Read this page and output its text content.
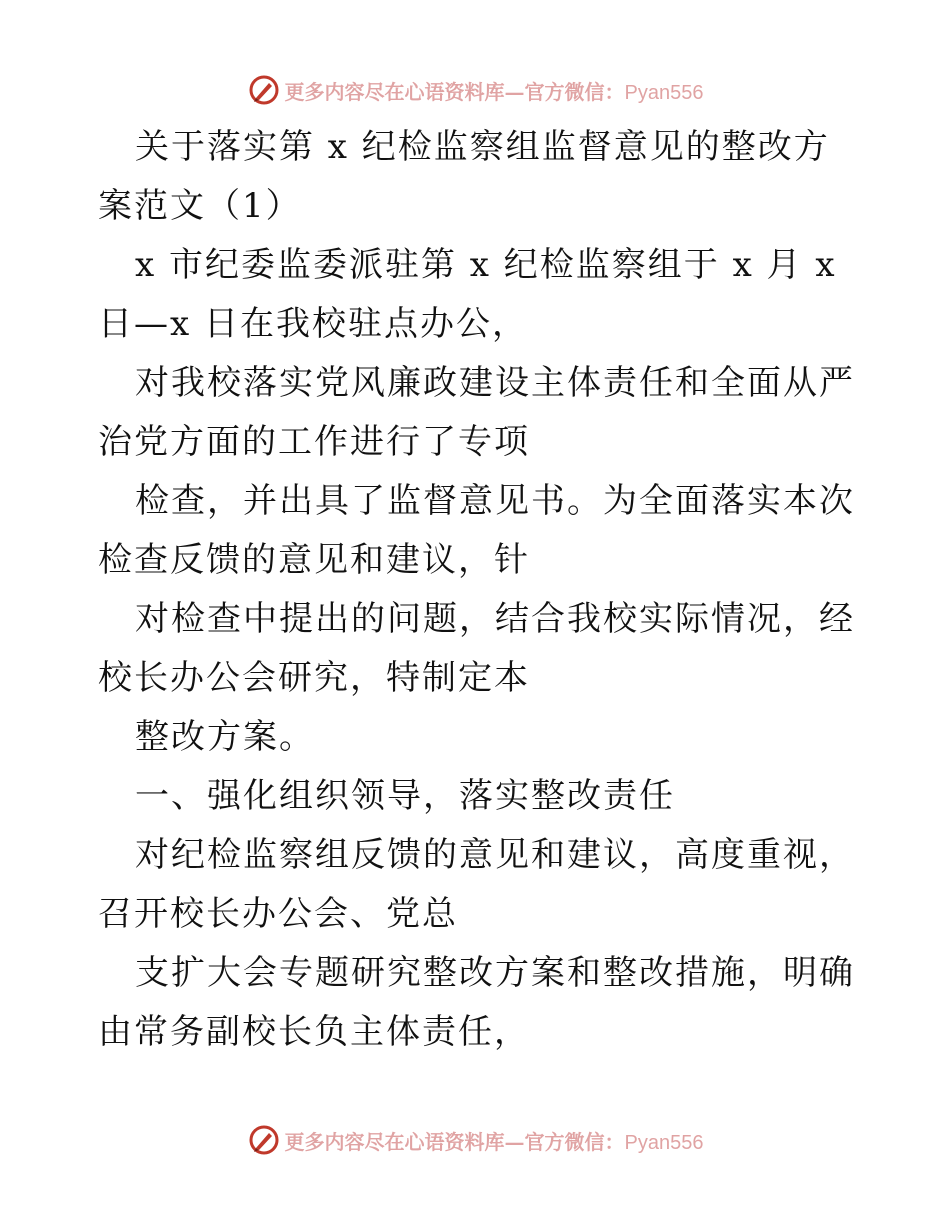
更多内容尽在心语资料库—官方微信：Pyan556

关于落实第 x 纪检监察组监督意见的整改方案范文（1）

x 市纪委监委派驻第 x 纪检监察组于 x 月 x 日—x 日在我校驻点办公，

对我校落实党风廉政建设主体责任和全面从严治党方面的工作进行了专项

检查，并出具了监督意见书。为全面落实本次检查反馈的意见和建议，针

对检查中提出的问题，结合我校实际情况，经校长办公会研究，特制定本

整改方案。

一、强化组织领导，落实整改责任

对纪检监察组反馈的意见和建议，高度重视，召开校长办公会、党总

支扩大会专题研究整改方案和整改措施，明确由常务副校长负主体责任，

更多内容尽在心语资料库—官方微信：Pyan556
